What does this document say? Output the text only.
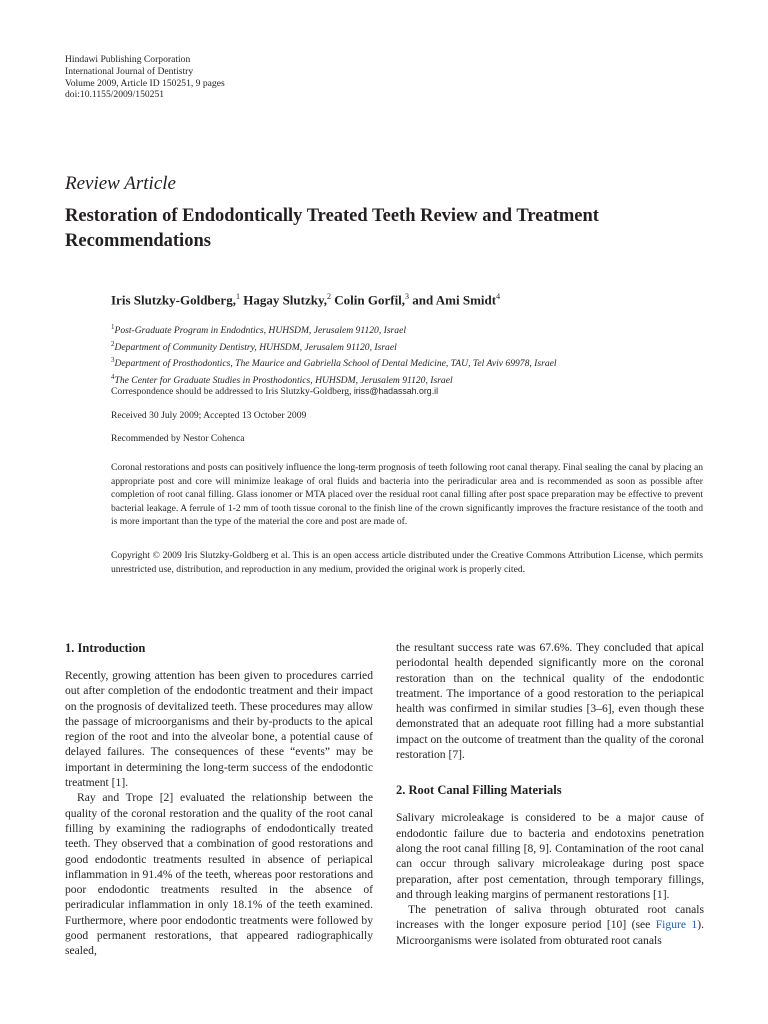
Hindawi Publishing Corporation
International Journal of Dentistry
Volume 2009, Article ID 150251, 9 pages
doi:10.1155/2009/150251
Review Article
Restoration of Endodontically Treated Teeth Review and Treatment Recommendations
Iris Slutzky-Goldberg,$^1$ Hagay Slutzky,$^2$ Colin Gorfil,$^3$ and Ami Smidt$^4$
$^1$Post-Graduate Program in Endodntics, HUHSDM, Jerusalem 91120, Israel
$^2$Department of Community Dentistry, HUHSDM, Jerusalem 91120, Israel
$^3$Department of Prosthodontics, The Maurice and Gabriella School of Dental Medicine, TAU, Tel Aviv 69978, Israel
$^4$The Center for Graduate Studies in Prosthodontics, HUHSDM, Jerusalem 91120, Israel
Correspondence should be addressed to Iris Slutzky-Goldberg, iriss@hadassah.org.il
Received 30 July 2009; Accepted 13 October 2009
Recommended by Nestor Cohenca

Coronal restorations and posts can positively influence the long-term prognosis of teeth following root canal therapy. Final sealing the canal by placing an appropriate post and core will minimize leakage of oral fluids and bacteria into the periradicular area and is recommended as soon as possible after completion of root canal filling. Glass ionomer or MTA placed over the residual root canal filling after post space preparation may be effective to prevent bacterial leakage. A ferrule of 1-2 mm of tooth tissue coronal to the finish line of the crown significantly improves the fracture resistance of the tooth and is more important than the type of the material the core and post are made of.

Copyright © 2009 Iris Slutzky-Goldberg et al. This is an open access article distributed under the Creative Commons Attribution License, which permits unrestricted use, distribution, and reproduction in any medium, provided the original work is properly cited.

1. Introduction

Recently, growing attention has been given to procedures carried out after completion of the endodontic treatment and their impact on the prognosis of devitalized teeth. These procedures may allow the passage of microorganisms and their by-products to the apical region of the root and into the alveolar bone, a potential cause of delayed failures. The consequences of these “events” may be important in determining the long-term success of the endodontic treatment [1].

Ray and Trope [2] evaluated the relationship between the quality of the coronal restoration and the quality of the root canal filling by examining the radiographs of endodontically treated teeth. They observed that a combination of good restorations and good endodontic treatments resulted in absence of periapical inflammation in 91.4% of the teeth, whereas poor restorations and poor endodontic treatments resulted in the absence of periradicular inflammation in only 18.1% of the teeth examined. Furthermore, where poor endodontic treatments were followed by good permanent restorations, that appeared radiographically sealed,

the resultant success rate was 67.6%. They concluded that apical periodontal health depended significantly more on the coronal restoration than on the technical quality of the endodontic treatment. The importance of a good restoration to the periapical health was confirmed in similar studies [3–6], even though these demonstrated that an adequate root filling had a more substantial impact on the outcome of treatment than the quality of the coronal restoration [7].

2. Root Canal Filling Materials

Salivary microleakage is considered to be a major cause of endodontic failure due to bacteria and endotoxins penetration along the root canal filling [8, 9]. Contamination of the root canal can occur through salivary microleakage during post space preparation, after post cementation, through temporary fillings, and through leaking margins of permanent restorations [1].

The penetration of saliva through obturated root canals increases with the longer exposure period [10] (see Figure 1). Microorganisms were isolated from obturated root canals
